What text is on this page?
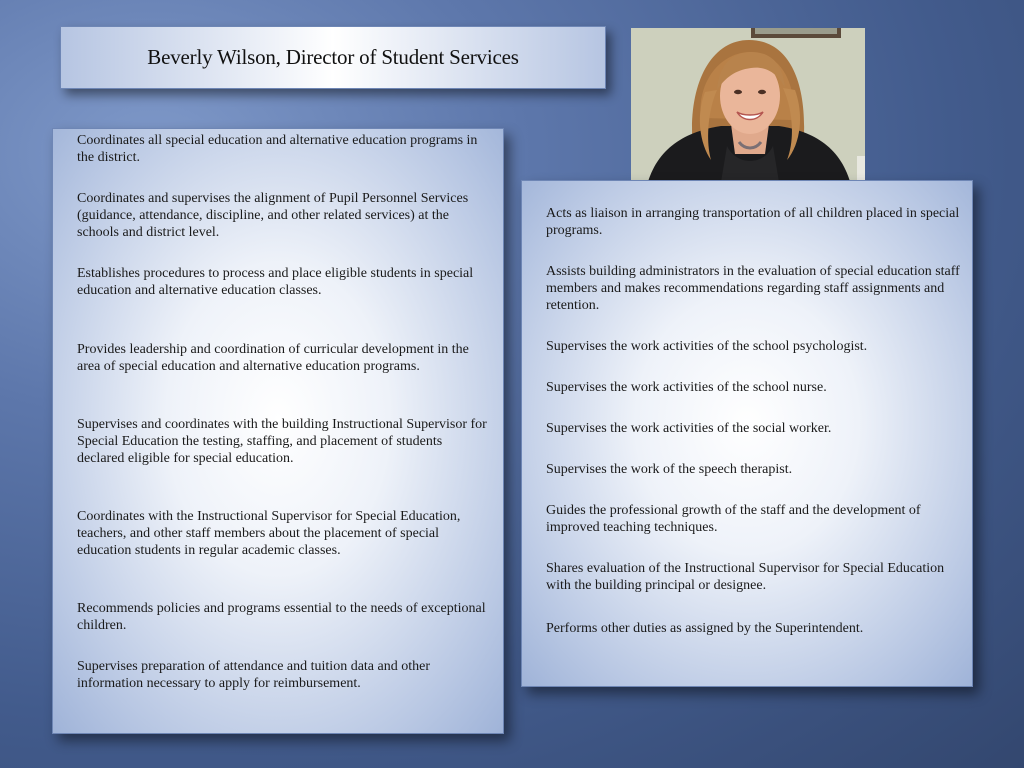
Beverly Wilson, Director of Student Services

Coordinates all special education and alternative education programs in the district.

Coordinates and supervises the alignment of Pupil Personnel Services (guidance, attendance, discipline, and other related services) at the schools and district level.

Establishes procedures to process and place eligible students in special education and alternative education classes.

Provides leadership and coordination of curricular development in the area of special education and alternative education programs.

Supervises and coordinates with the building Instructional Supervisor for Special Education the testing, staffing, and placement of students declared eligible for special education.

Coordinates with the Instructional Supervisor for Special Education, teachers, and other staff members about the placement of special education students in regular academic classes.

Recommends policies and programs essential to the needs of exceptional children.

Supervises preparation of attendance and tuition data and other information necessary to apply for reimbursement.

Acts as liaison in arranging transportation of all children placed in special programs.

Assists building administrators in the evaluation of special education staff members and makes recommendations regarding staff assignments and retention.

Supervises the work activities of the school psychologist.

Supervises the work activities of the school nurse.

Supervises the work activities of the social worker.

Supervises the work of the speech therapist.

Guides the professional growth of the staff and the development of improved teaching techniques.

Shares evaluation of the Instructional Supervisor for Special Education with the building principal or designee.

Performs other duties as assigned by the Superintendent.
